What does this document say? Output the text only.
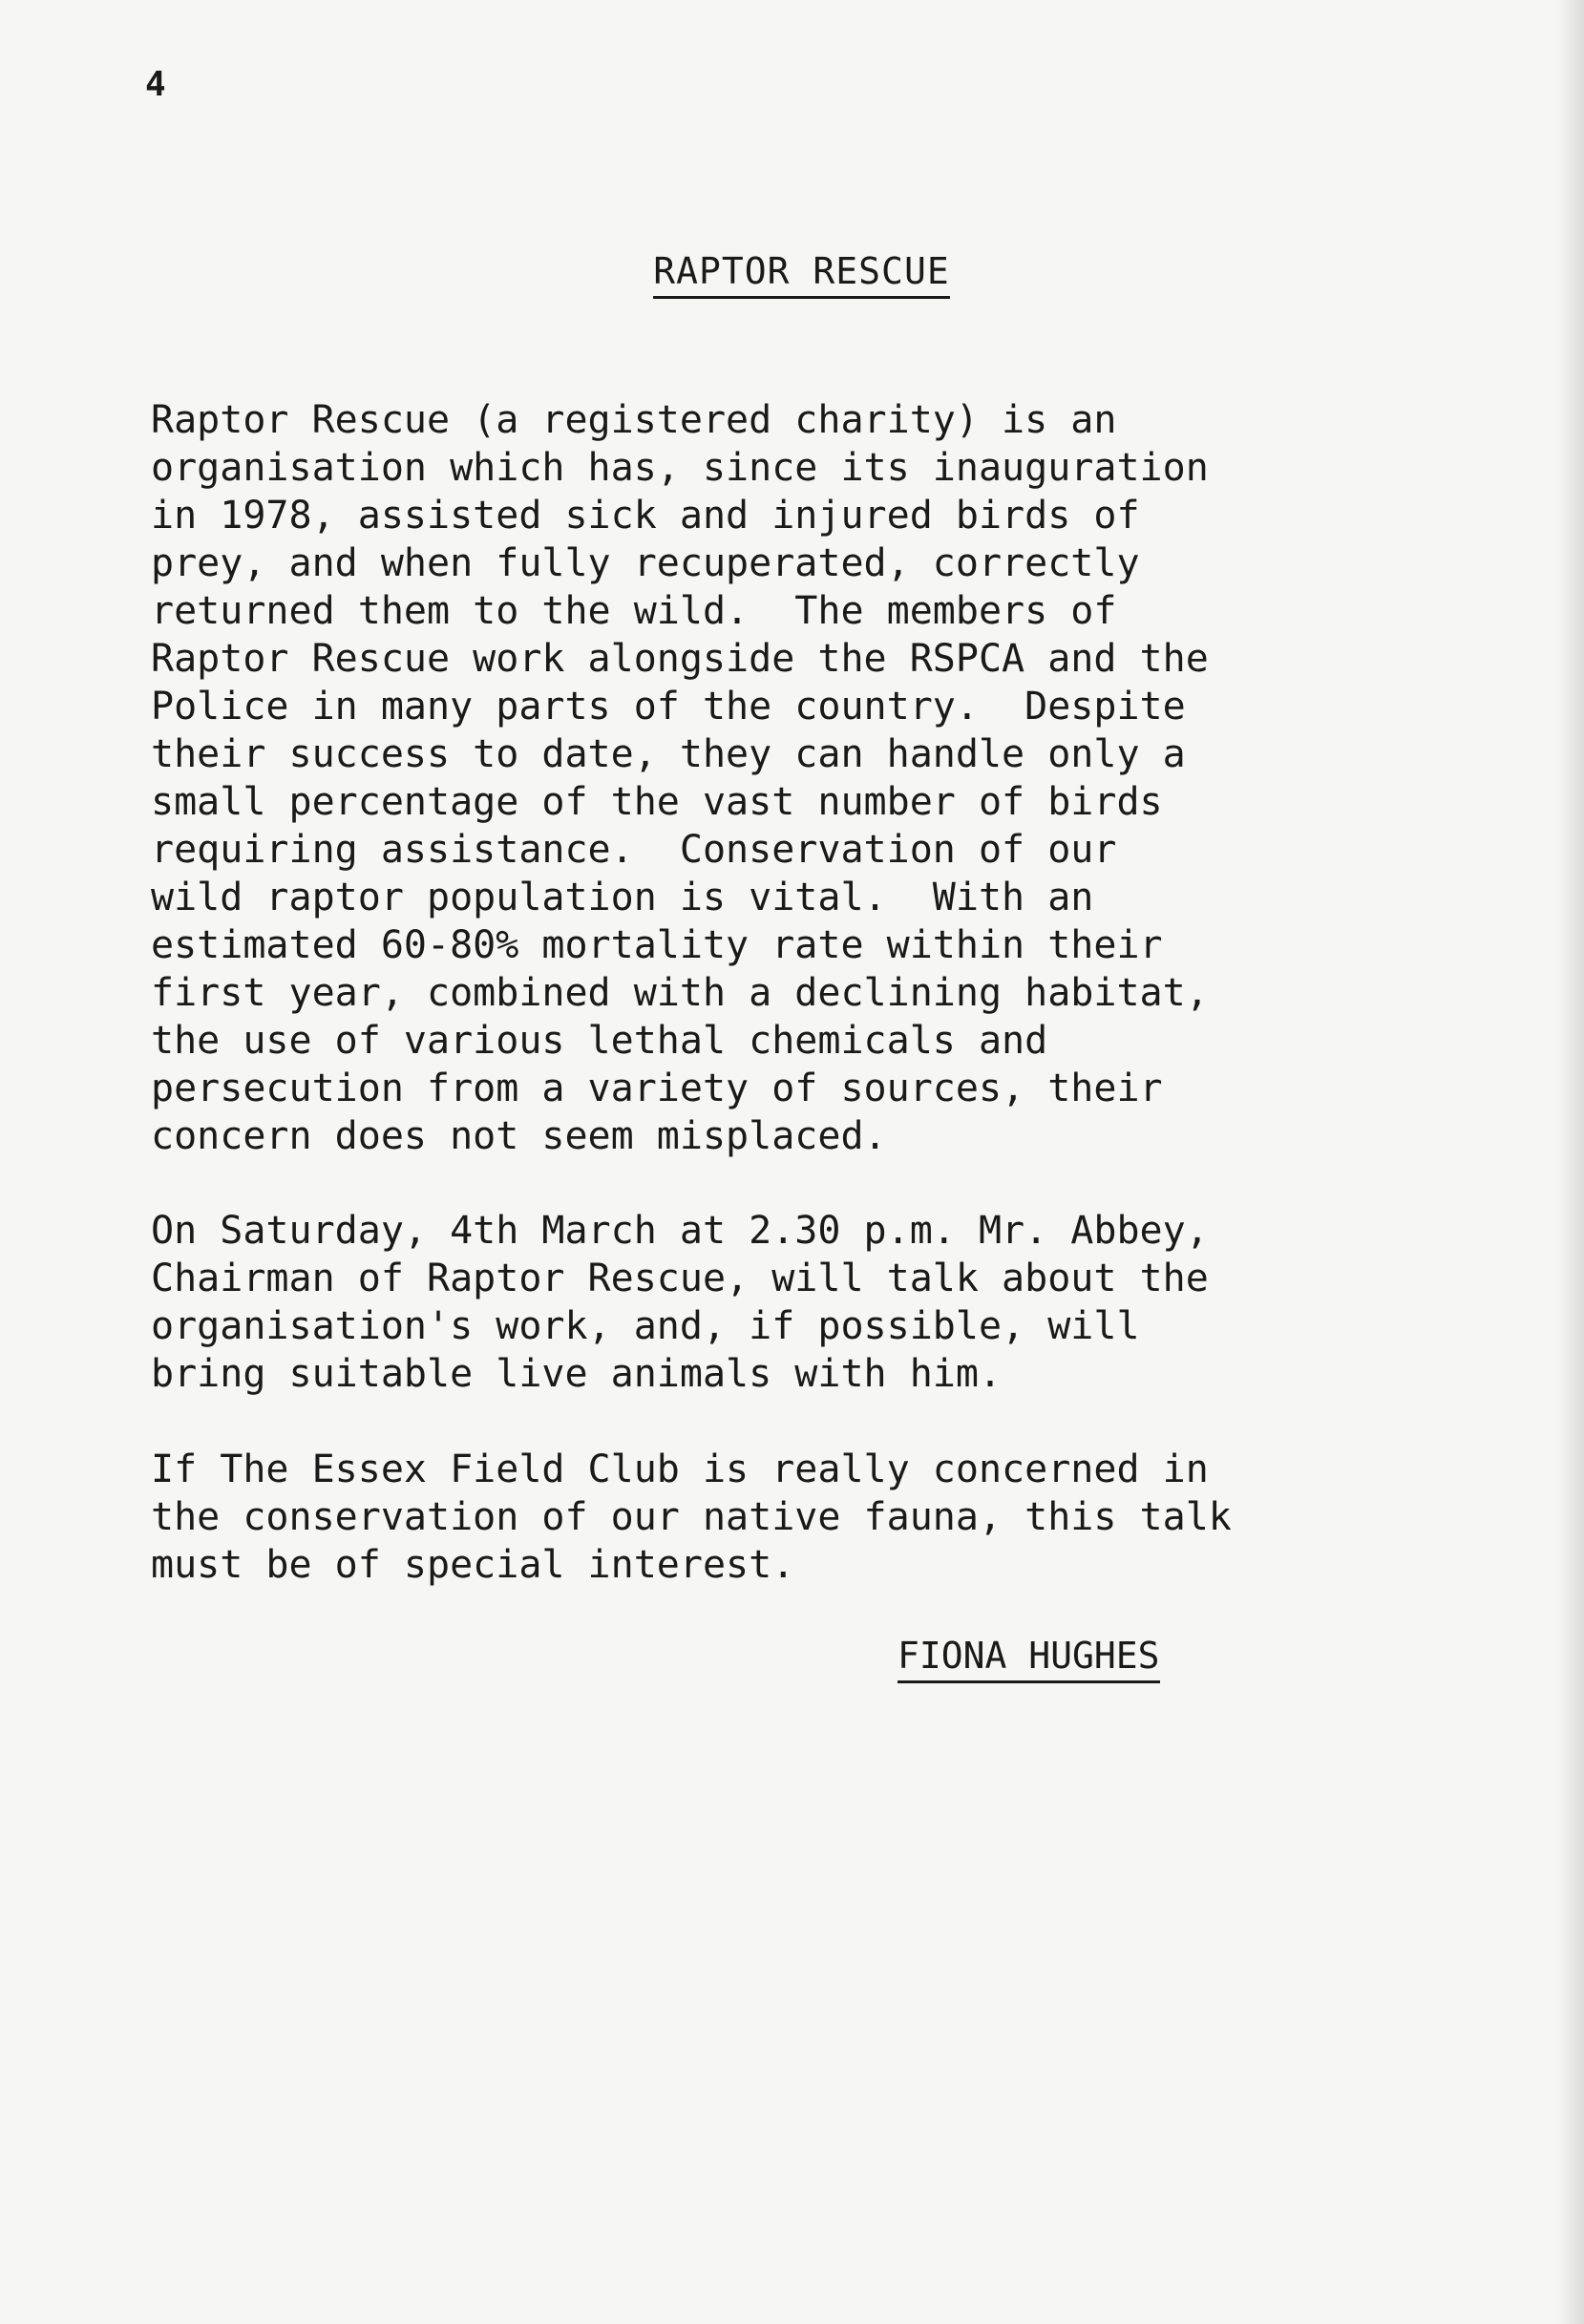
4
RAPTOR RESCUE

Raptor Rescue (a registered charity) is an
organisation which has, since its inauguration
in 1978, assisted sick and injured birds of
prey, and when fully recuperated, correctly
returned them to the wild.  The members of
Raptor Rescue work alongside the RSPCA and the
Police in many parts of the country.  Despite
their success to date, they can handle only a
small percentage of the vast number of birds
requiring assistance.  Conservation of our
wild raptor population is vital.  With an
estimated 60-80% mortality rate within their
first year, combined with a declining habitat,
the use of various lethal chemicals and
persecution from a variety of sources, their
concern does not seem misplaced.

On Saturday, 4th March at 2.30 p.m. Mr. Abbey,
Chairman of Raptor Rescue, will talk about the
organisation's work, and, if possible, will
bring suitable live animals with him.

If The Essex Field Club is really concerned in
the conservation of our native fauna, this talk
must be of special interest.

FIONA HUGHES
